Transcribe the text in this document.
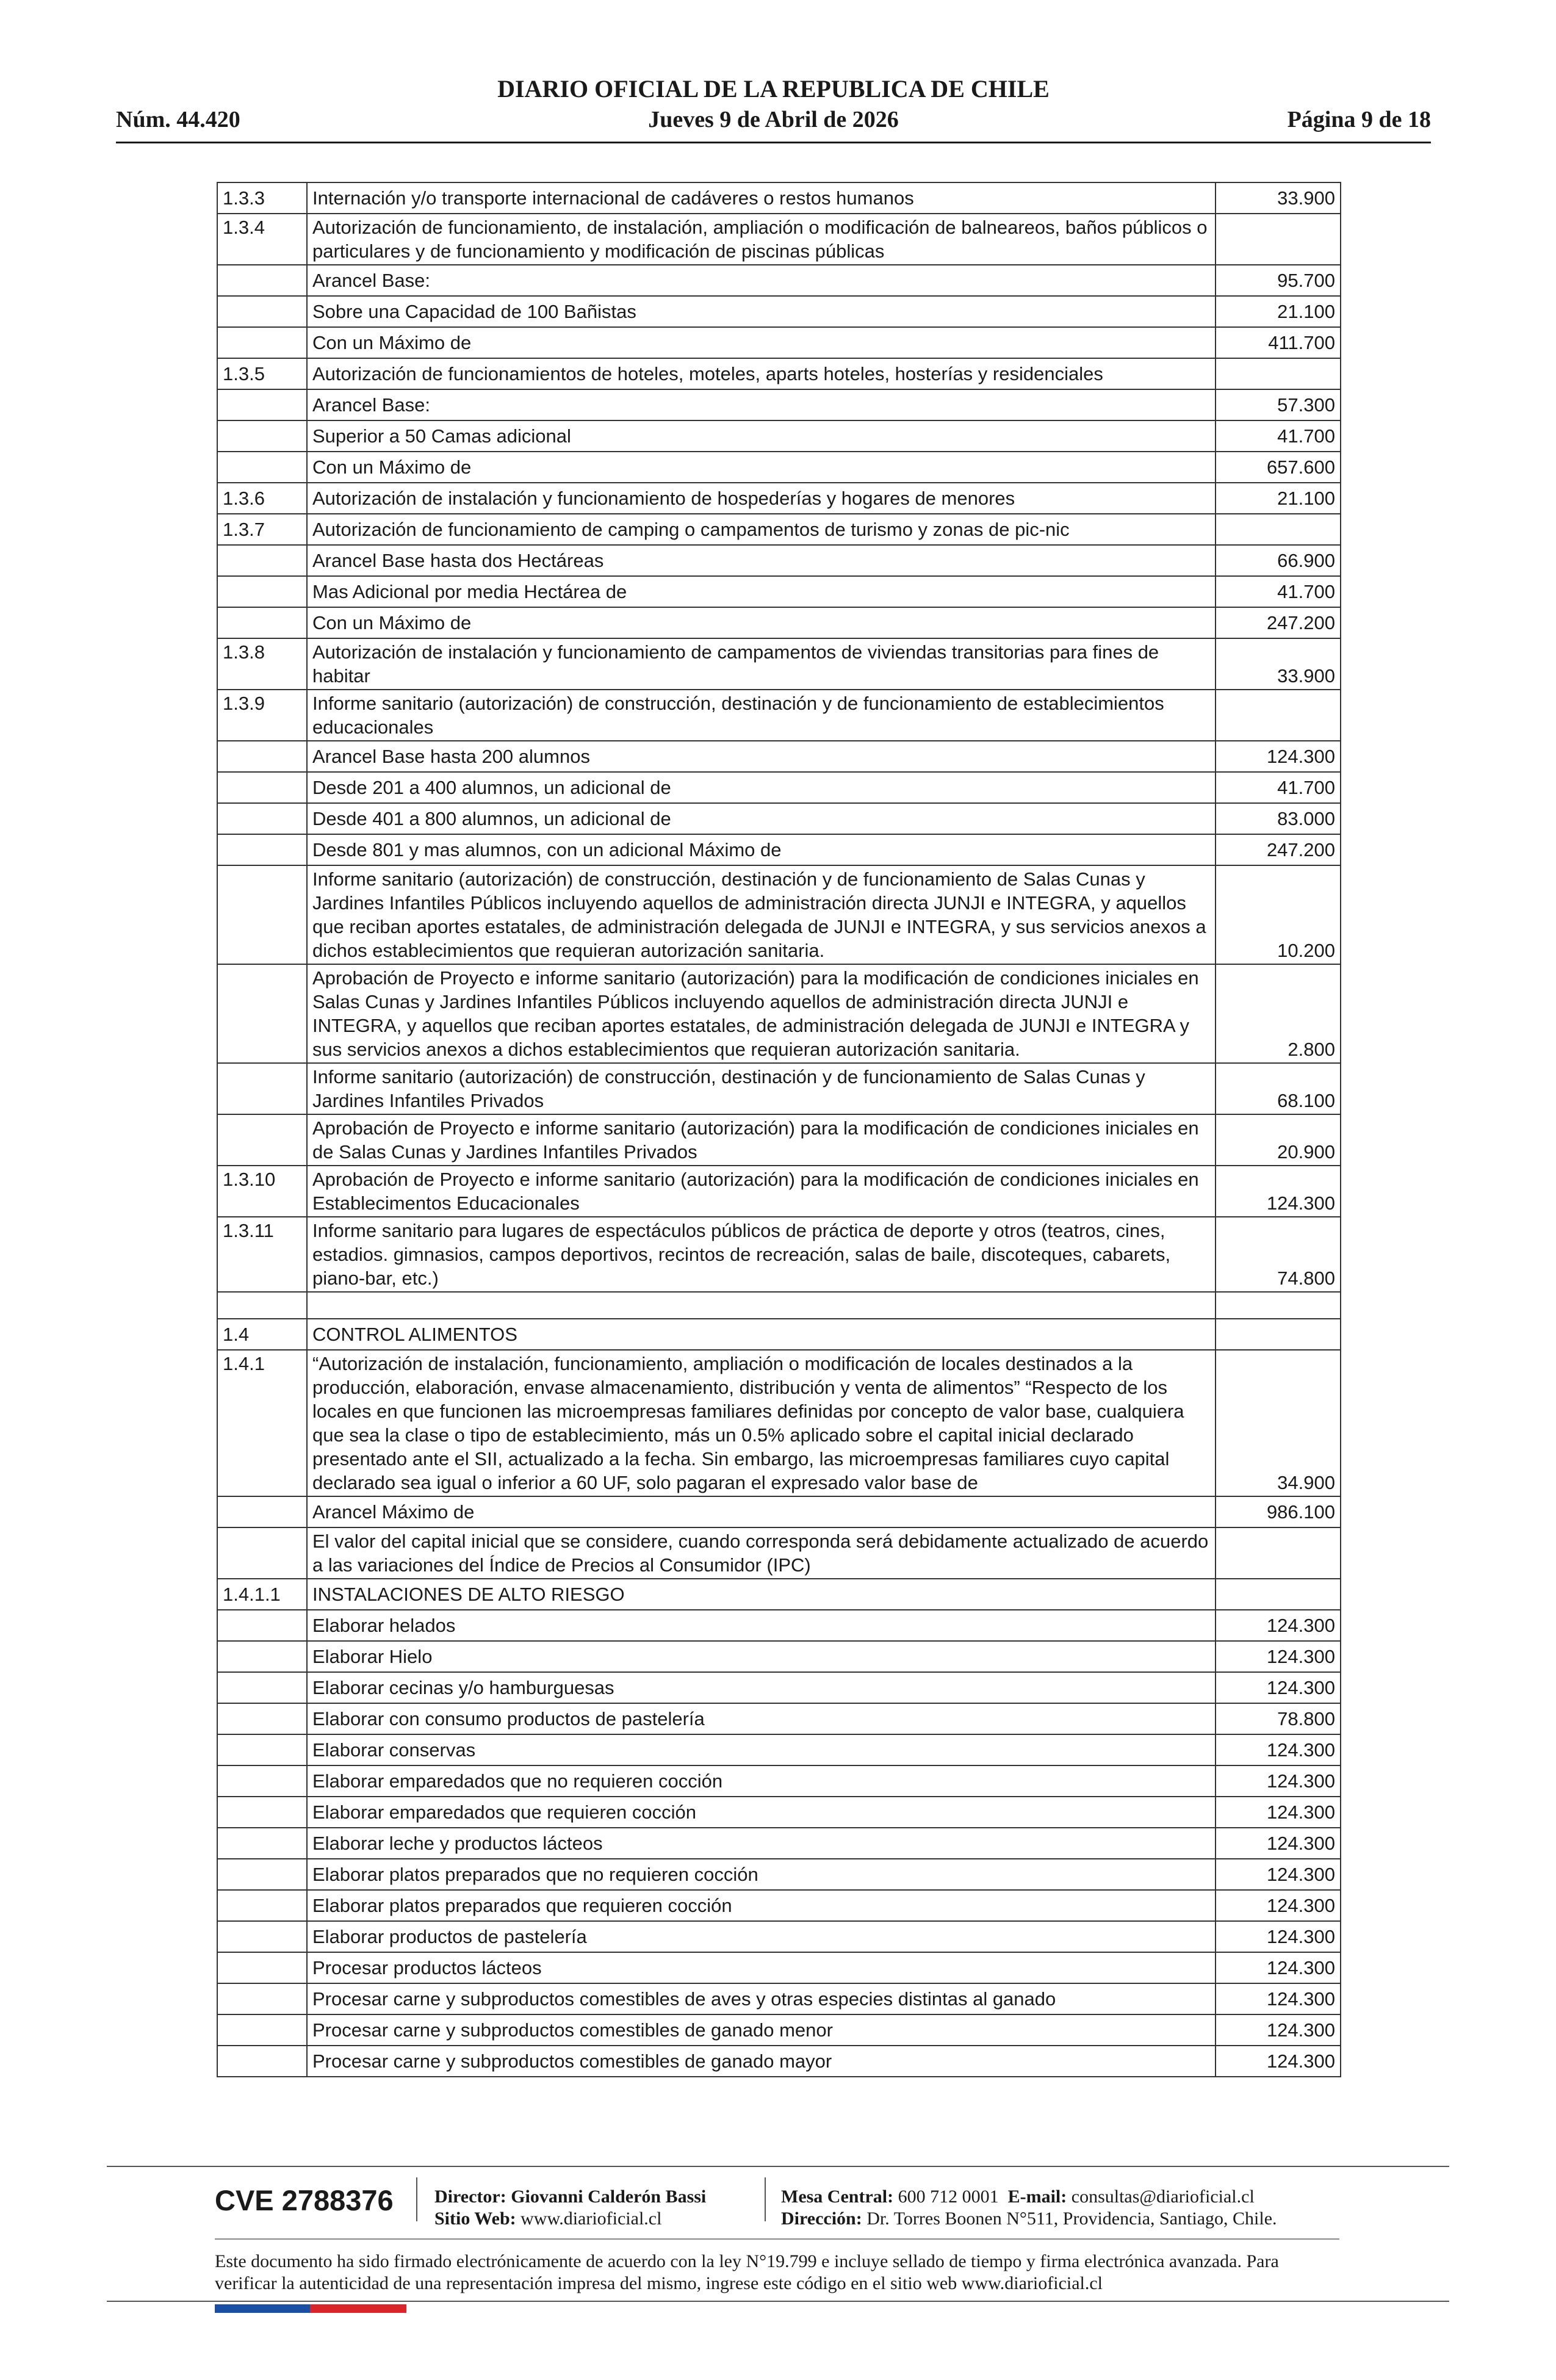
Núm. 44.420
DIARIO OFICIAL DE LA REPUBLICA DE CHILE
Jueves 9 de Abril de 2026	Página 9 de 18
1.3.3	Internación y/o transporte internacional de cadáveres o restos humanos	33.900
1.3.4	Autorización de funcionamiento, de instalación, ampliación o modificación de balneareos, baños públicos o particulares y de funcionamiento y modificación de piscinas públicas	
	Arancel Base:	95.700
	Sobre una Capacidad de 100 Bañistas	21.100
	Con un Máximo de	411.700
1.3.5	Autorización de funcionamientos de hoteles, moteles, aparts hoteles, hosterías y residenciales	
	Arancel Base:	57.300
	Superior a 50 Camas adicional	41.700
	Con un Máximo de	657.600
1.3.6	Autorización de instalación y funcionamiento de hospederías y hogares de menores	21.100
1.3.7	Autorización de funcionamiento de camping o campamentos de turismo y zonas de pic-nic	
	Arancel Base hasta dos Hectáreas	66.900
	Mas Adicional por media Hectárea de	41.700
	Con un Máximo de	247.200
1.3.8	Autorización de instalación y funcionamiento de campamentos de viviendas transitorias para fines de habitar	33.900
1.3.9	Informe sanitario (autorización) de construcción, destinación y de funcionamiento de establecimientos educacionales	
	Arancel Base hasta 200 alumnos	124.300
	Desde 201 a 400 alumnos, un adicional de	41.700
	Desde 401 a 800 alumnos, un adicional de	83.000
	Desde 801 y mas alumnos, con un adicional Máximo de	247.200
	Informe sanitario (autorización) de construcción, destinación y de funcionamiento de Salas Cunas y Jardines Infantiles Públicos incluyendo aquellos de administración directa JUNJI e INTEGRA, y aquellos que reciban aportes estatales, de administración delegada de JUNJI e INTEGRA, y sus servicios anexos a dichos establecimientos que requieran autorización sanitaria.	10.200
	Aprobación de Proyecto e informe sanitario (autorización) para la modificación de condiciones iniciales en Salas Cunas y Jardines Infantiles Públicos incluyendo aquellos de administración directa JUNJI e INTEGRA, y aquellos que reciban aportes estatales, de administración delegada de JUNJI e INTEGRA y sus servicios anexos a dichos establecimientos que requieran autorización sanitaria.	2.800
	Informe sanitario (autorización) de construcción, destinación y de funcionamiento de Salas Cunas y Jardines Infantiles Privados	68.100
	Aprobación de Proyecto e informe sanitario (autorización) para la modificación de condiciones iniciales en de Salas Cunas y Jardines Infantiles Privados	20.900
1.3.10	Aprobación de Proyecto e informe sanitario (autorización) para la modificación de condiciones iniciales en Establecimentos Educacionales	124.300
1.3.11	Informe sanitario para lugares de espectáculos públicos de práctica de deporte y otros (teatros, cines, estadios. gimnasios, campos deportivos, recintos de recreación, salas de baile, discoteques, cabarets, piano-bar, etc.)	74.800

1.4	CONTROL ALIMENTOS	
1.4.1	“Autorización de instalación, funcionamiento, ampliación o modificación de locales destinados a la producción, elaboración, envase almacenamiento, distribución y venta de alimentos” “Respecto de los locales en que funcionen las microempresas familiares definidas por concepto de valor base, cualquiera que sea la clase o tipo de establecimiento, más un 0.5% aplicado sobre el capital inicial declarado presentado ante el SII, actualizado a la fecha. Sin embargo, las microempresas familiares cuyo capital declarado sea igual o inferior a 60 UF, solo pagaran el expresado valor base de	34.900
	Arancel Máximo de	986.100
	El valor del capital inicial que se considere, cuando corresponda será debidamente actualizado de acuerdo a las variaciones del Índice de Precios al Consumidor (IPC)	
1.4.1.1	INSTALACIONES DE ALTO RIESGO	
	Elaborar helados	124.300
	Elaborar Hielo	124.300
	Elaborar cecinas y/o hamburguesas	124.300
	Elaborar con consumo productos de pastelería	78.800
	Elaborar conservas	124.300
	Elaborar emparedados que no requieren cocción	124.300
	Elaborar emparedados que requieren cocción	124.300
	Elaborar leche y productos lácteos	124.300
	Elaborar platos preparados que no requieren cocción	124.300
	Elaborar platos preparados que requieren cocción	124.300
	Elaborar productos de pastelería	124.300
	Procesar productos lácteos	124.300
	Procesar carne y subproductos comestibles de aves y otras especies distintas al ganado	124.300
	Procesar carne y subproductos comestibles de ganado menor	124.300
	Procesar carne y subproductos comestibles de ganado mayor	124.300
CVE 2788376 Director: Giovanni Calderón Bassi
Sitio Web: www.diarioficial.cl
Mesa Central: 600 712 0001 E-mail: consultas@diarioficial.cl
Dirección: Dr. Torres Boonen N°511, Providencia, Santiago, Chile.
Este documento ha sido firmado electrónicamente de acuerdo con la ley N°19.799 e incluye sellado de tiempo y firma electrónica avanzada. Para verificar la autenticidad de una representación impresa del mismo, ingrese este código en el sitio web www.diarioficial.cl
